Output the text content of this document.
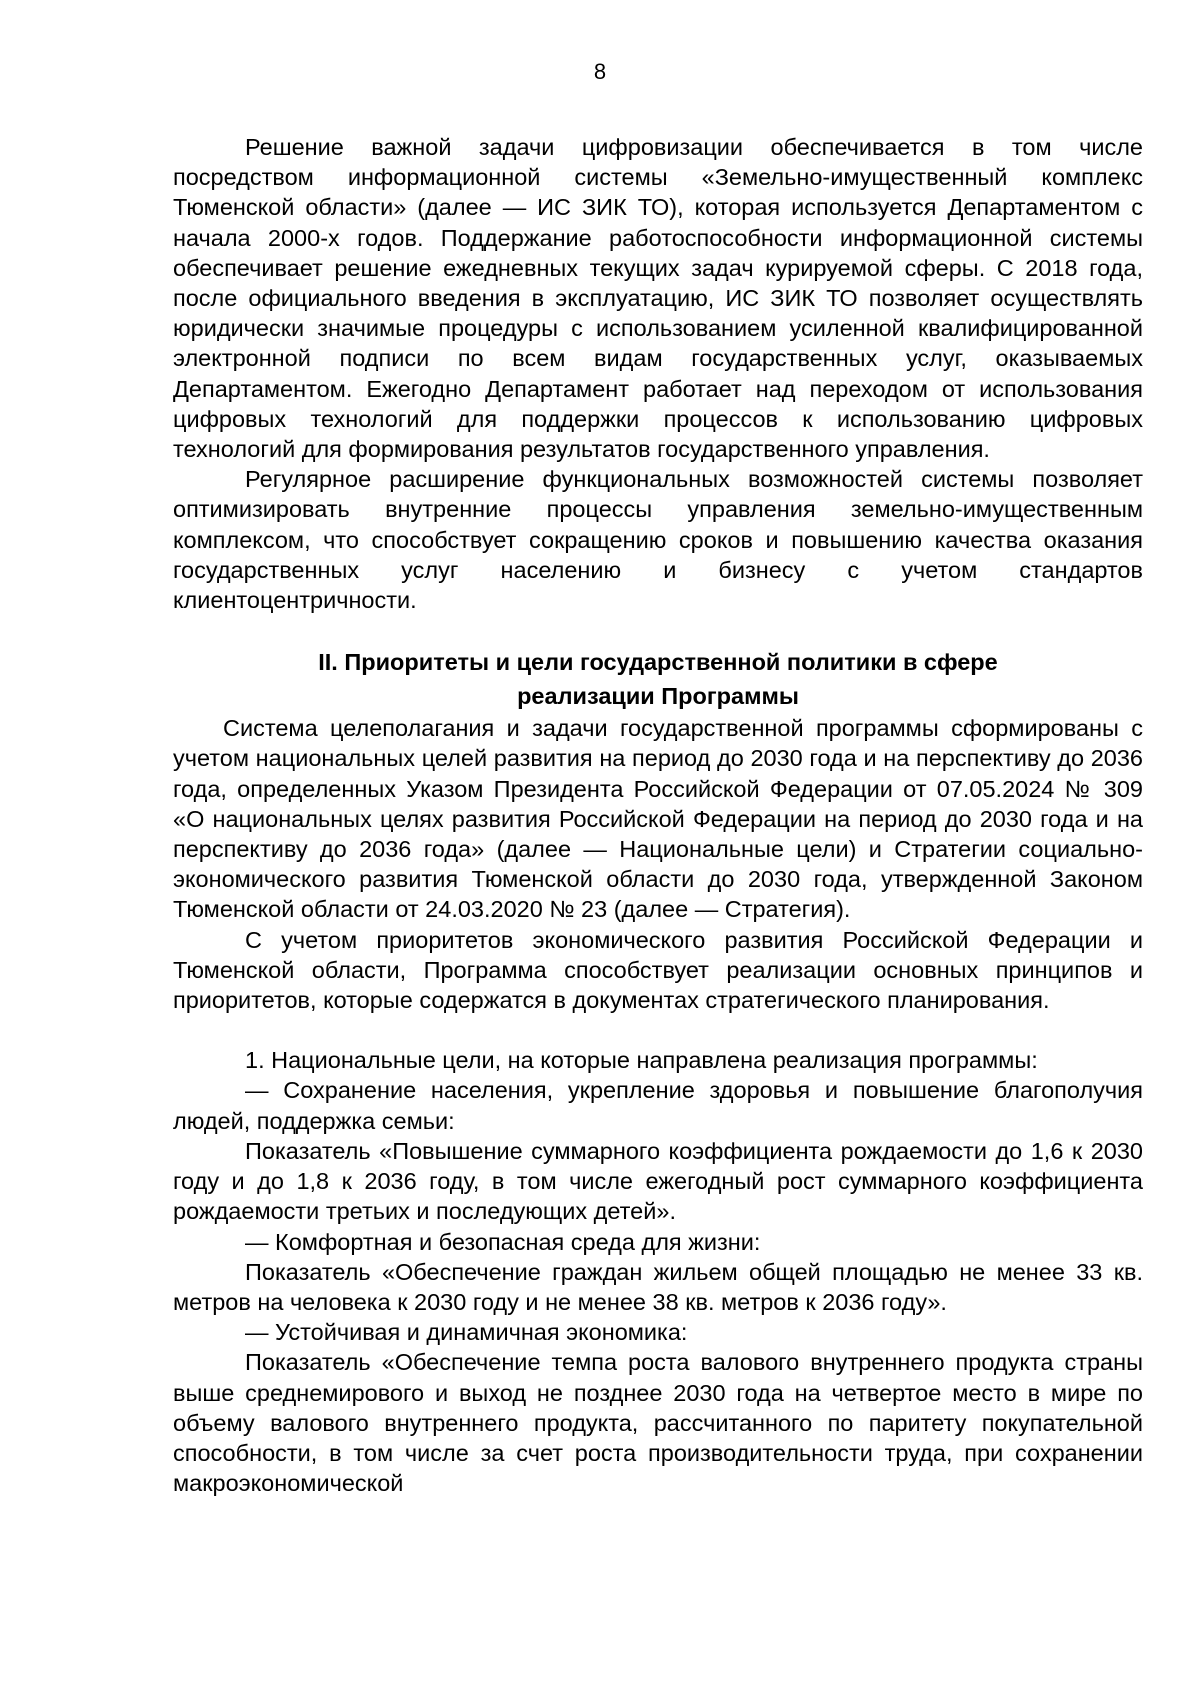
8

Решение важной задачи цифровизации обеспечивается в том числе посредством информационной системы «Земельно-имущественный комплекс Тюменской области» (далее — ИС ЗИК ТО), которая используется Департаментом с начала 2000-х годов. Поддержание работоспособности информационной системы обеспечивает решение ежедневных текущих задач курируемой сферы. С 2018 года, после официального введения в эксплуатацию, ИС ЗИК ТО позволяет осуществлять юридически значимые процедуры с использованием усиленной квалифицированной электронной подписи по всем видам государственных услуг, оказываемых Департаментом. Ежегодно Департамент работает над переходом от использования цифровых технологий для поддержки процессов к использованию цифровых технологий для формирования результатов государственного управления.

Регулярное расширение функциональных возможностей системы позволяет оптимизировать внутренние процессы управления земельно-имущественным комплексом, что способствует сокращению сроков и повышению качества оказания государственных услуг населению и бизнесу с учетом стандартов клиентоцентричности.

II. Приоритеты и цели государственной политики в сфере
реализации Программы

Система целеполагания и задачи государственной программы сформированы с учетом национальных целей развития на период до 2030 года и на перспективу до 2036 года, определенных Указом Президента Российской Федерации от 07.05.2024 № 309 «О национальных целях развития Российской Федерации на период до 2030 года и на перспективу до 2036 года» (далее — Национальные цели) и Стратегии социально-экономического развития Тюменской области до 2030 года, утвержденной Законом Тюменской области от 24.03.2020 № 23 (далее — Стратегия).

С учетом приоритетов экономического развития Российской Федерации и Тюменской области, Программа способствует реализации основных принципов и приоритетов, которые содержатся в документах стратегического планирования.

1. Национальные цели, на которые направлена реализация программы:

— Сохранение населения, укрепление здоровья и повышение благополучия людей, поддержка семьи:

Показатель «Повышение суммарного коэффициента рождаемости до 1,6 к 2030 году и до 1,8 к 2036 году, в том числе ежегодный рост суммарного коэффициента рождаемости третьих и последующих детей».

— Комфортная и безопасная среда для жизни:

Показатель «Обеспечение граждан жильем общей площадью не менее 33 кв. метров на человека к 2030 году и не менее 38 кв. метров к 2036 году».

— Устойчивая и динамичная экономика:

Показатель «Обеспечение темпа роста валового внутреннего продукта страны выше среднемирового и выход не позднее 2030 года на четвертое место в мире по объему валового внутреннего продукта, рассчитанного по паритету покупательной способности, в том числе за счет роста производительности труда, при сохранении макроэкономической
